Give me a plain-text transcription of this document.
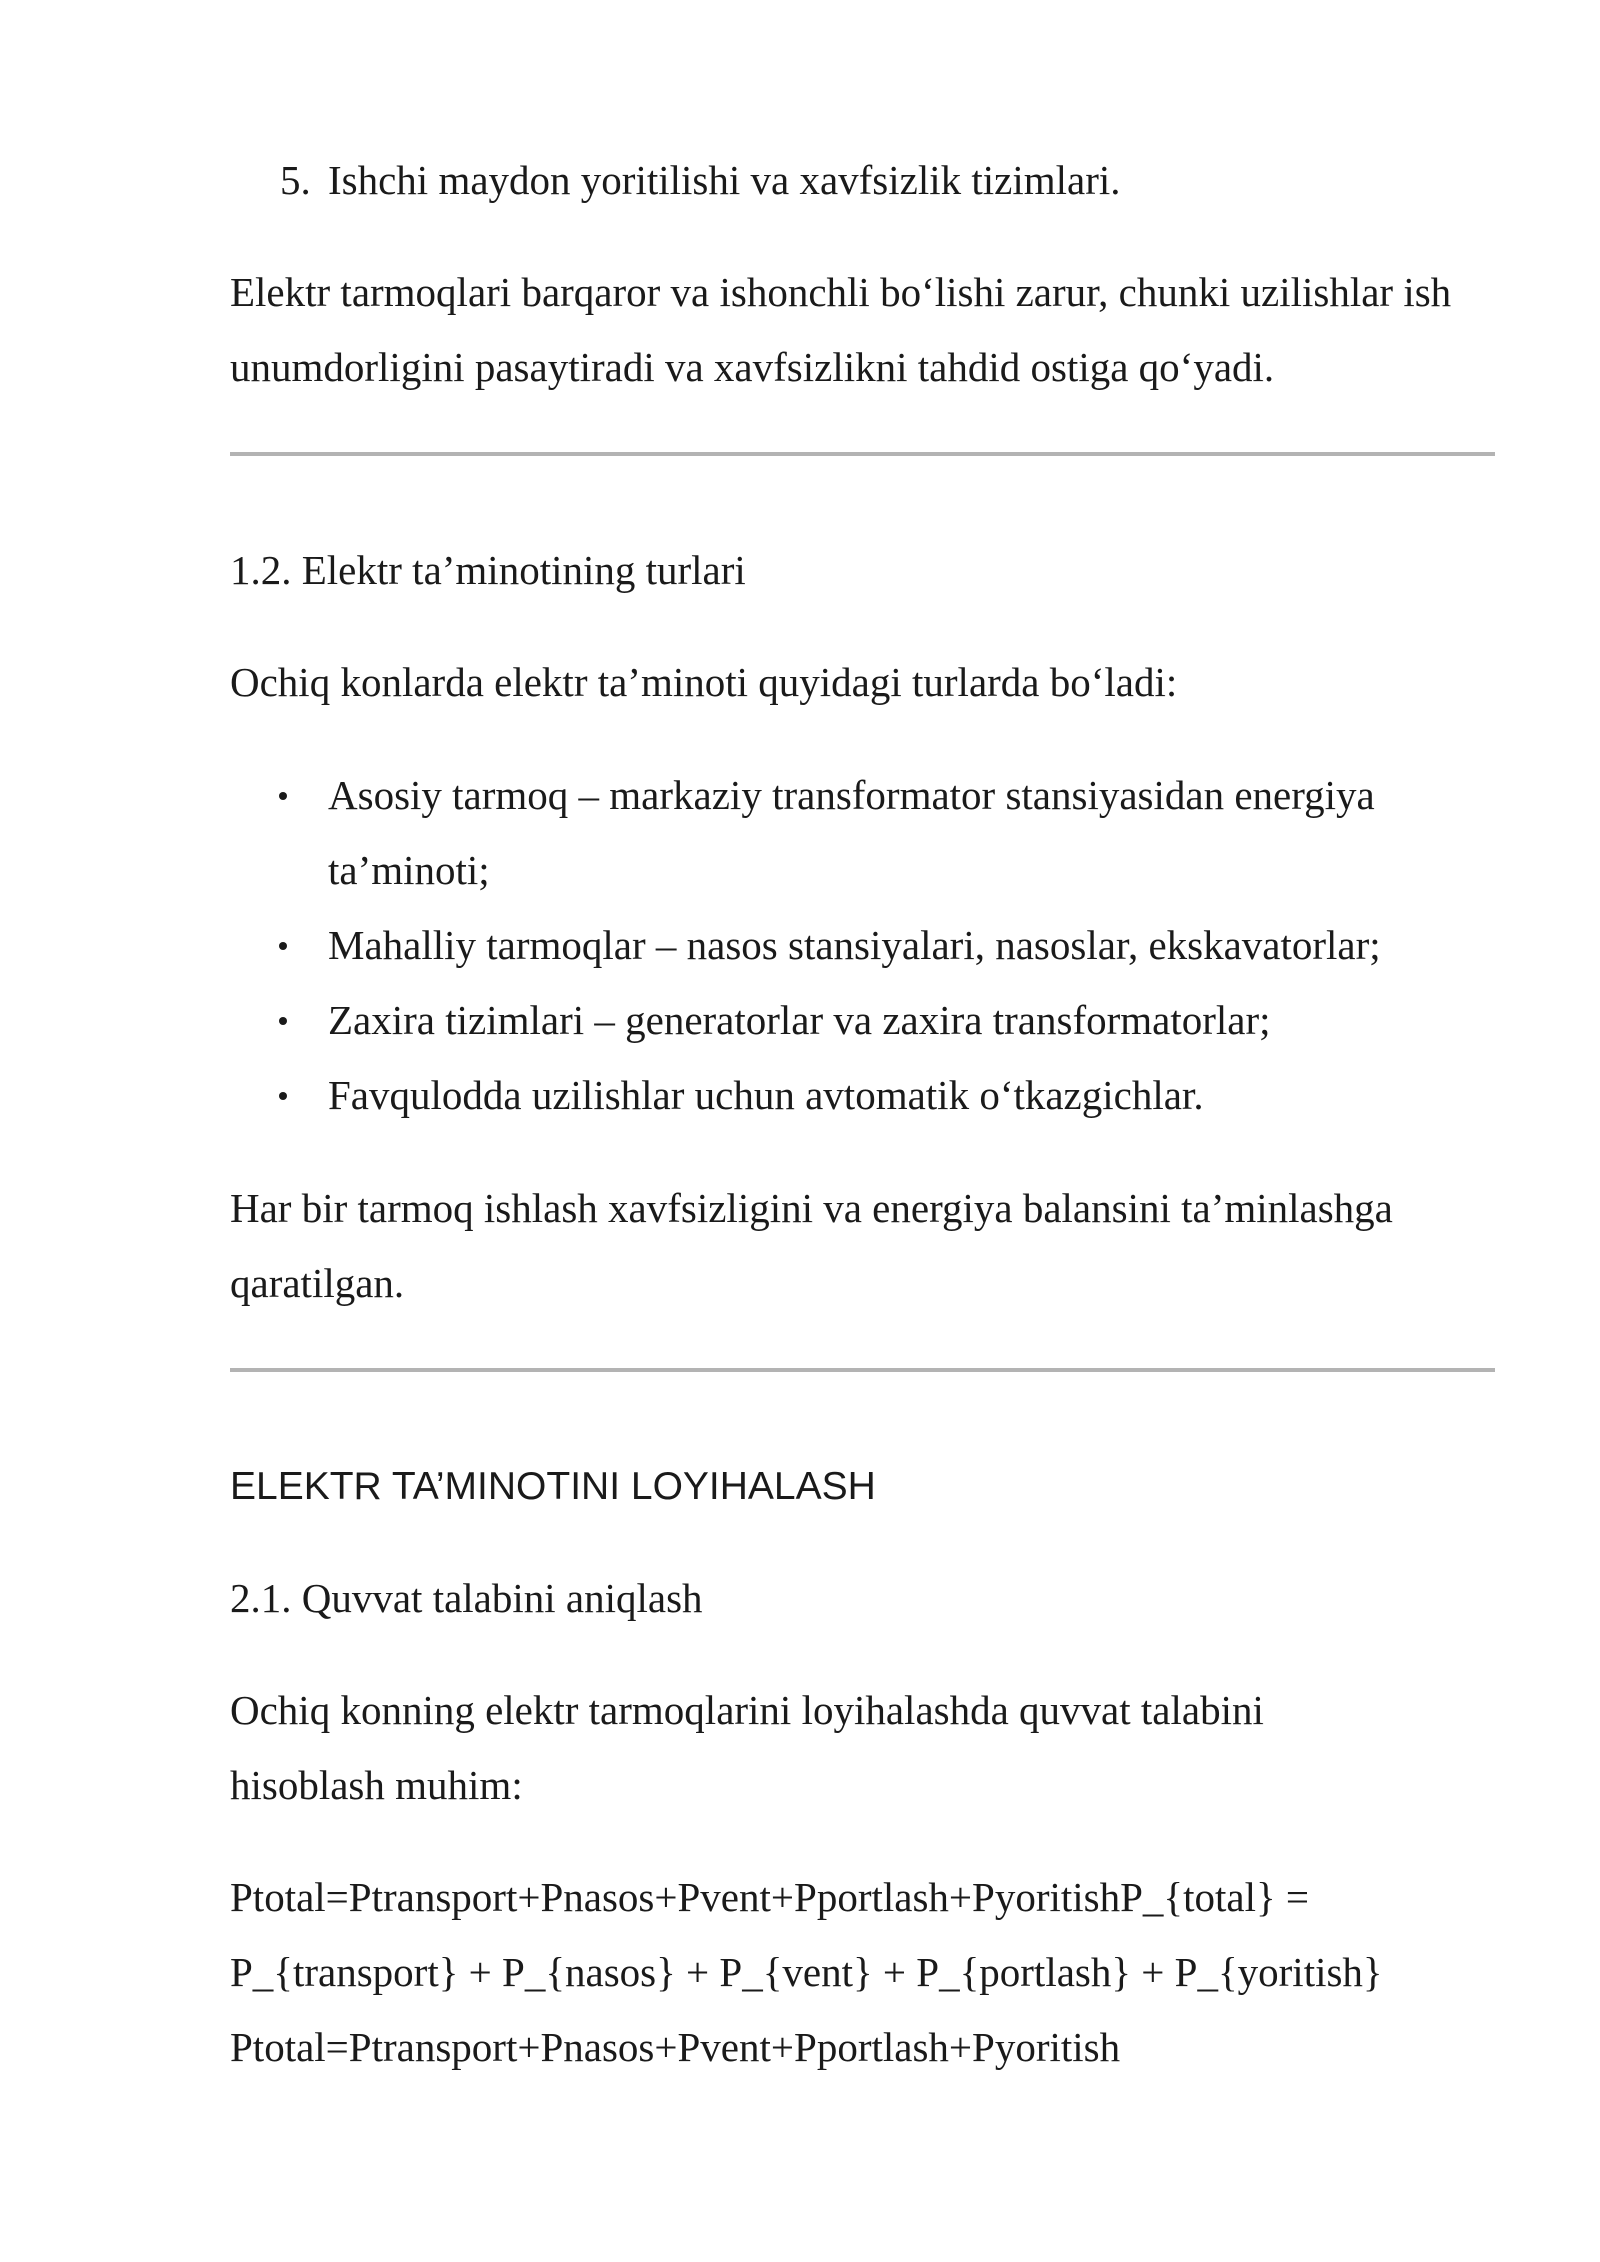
5. Ishchi maydon yoritilishi va xavfsizlik tizimlari.

Elektr tarmoqlari barqaror va ishonchli bo‘lishi zarur, chunki uzilishlar ish unumdorligini pasaytiradi va xavfsizlikni tahdid ostiga qo‘yadi.

1.2. Elektr ta’minotining turlari

Ochiq konlarda elektr ta’minoti quyidagi turlarda bo‘ladi:

Asosiy tarmoq – markaziy transformator stansiyasidan energiya ta’minoti;
Mahalliy tarmoqlar – nasos stansiyalari, nasoslar, ekskavatorlar;
Zaxira tizimlari – generatorlar va zaxira transformatorlar;
Favqulodda uzilishlar uchun avtomatik o‘tkazgichlar.

Har bir tarmoq ishlash xavfsizligini va energiya balansini ta’minlashga qaratilgan.

ELEKTR TA’MINOTINI LOYIHALASH

2.1. Quvvat talabini aniqlash

Ochiq konning elektr tarmoqlarini loyihalashda quvvat talabini hisoblash muhim:

Ptotal=Ptransport+Pnasos+Pvent+Pportlash+PyoritishP_{total} =
P_{transport} + P_{nasos} + P_{vent} + P_{portlash} + P_{yoritish}
Ptotal=Ptransport+Pnasos+Pvent+Pportlash+Pyoritish
